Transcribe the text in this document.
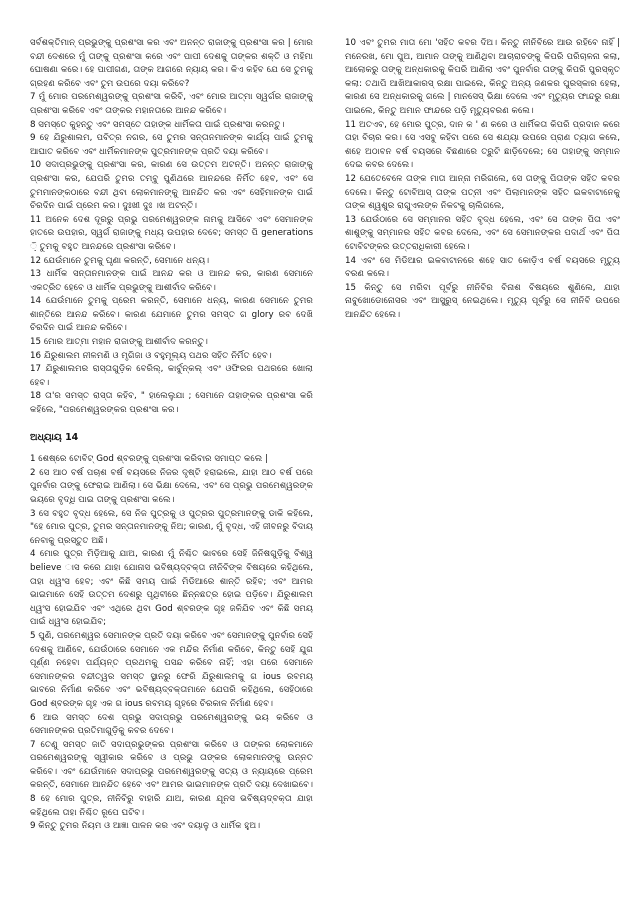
ସର୍ବଶକ୍ତିମାନ୍ ପ୍ରଭୁଙ୍କୁ ପ୍ରଶଂସା କର ଏବଂ ଅନନ୍ତ ରାଜାଙ୍କୁ ପ୍ରଶଂସା କର | ମୋର ବନ୍ଦୀ ଦେଶରେ ମୁଁ ତାଙ୍କୁ ପ୍ରଶଂସା କରେ ଏବଂ ପାପୀ ଦେଶକୁ ତାଙ୍କର ଶକ୍ତି ଓ ମହିମା ଘୋଷଣା କରେ। ହେ ପାପୀଗଣ, ତାଙ୍କ ଆଗରେ ନ୍ୟାୟ କର। କିଏ କହିବ ଯେ ସେ ତୁମକୁ ଗ୍ରହଣ କରିବେ ଏବଂ ତୁମ ଉପରେ ଦୟା କରିବେ?

7 ମୁଁ ମୋର ପରମେଶ୍ୱରଙ୍କୁ ପ୍ରଶଂସା କରିବି, ଏବଂ ମୋର ଆତ୍ମା ସ୍ୱର୍ଗର ରାଜାଙ୍କୁ ପ୍ରଶଂସା କରିବେ ଏବଂ ତାଙ୍କର ମହାନତାରେ ଆନନ୍ଦ କରିବେ।

8 ସମସ୍ତେ କୁହନ୍ତୁ ଏବଂ ସମସ୍ତେ ତାହାଙ୍କ ଧାର୍ମିକତା ପାଇଁ ପ୍ରଶଂସା କରନ୍ତୁ।

9 ହେ ଯିରୁଶାଲମ, ପବିତ୍ର ନଗର, ସେ ତୁମର ସନ୍ତାନମାନଙ୍କ କାର୍ଯ୍ୟ ପାଇଁ ତୁମକୁ ଆଘାତ କରିବେ ଏବଂ ଧାର୍ମିକମାନଙ୍କ ପୁତ୍ରମାନଙ୍କ ପ୍ରତି ଦୟା କରିବେ।

10 ସଦାପ୍ରଭୁଙ୍କୁ ପ୍ରଶଂସା କର, କାରଣ ସେ ଉତ୍ତମ ଅଟନ୍ତି। ଅନନ୍ତ ରାଜାଙ୍କୁ ପ୍ରଶଂସା କର, ଯେପରି ତୁମର ତମ୍ବୁ ପୁଣିଥରେ ଆନନ୍ଦରେ ନିର୍ମିତ ହେବ, ଏବଂ ସେ ତୁମମାନଙ୍କଠାରେ ବନ୍ଦୀ ଥିବା ଲୋକମାନଙ୍କୁ ଆନନ୍ଦିତ କର ଏବଂ ସେହିମାନଙ୍କ ପାଇଁ ଚିରଦିନ ପାଇଁ ପ୍ରେମ କର। ଦୁଃଖୀ ଦୁଃ ।ଖ ଅଟନ୍ତି।

11 ଅନେକ ଦେଶ ଦୂରରୁ ପ୍ରଭୁ ପରମେଶ୍ୱରଙ୍କ ନାମକୁ ଆସିବେ ଏବଂ ସେମାନଙ୍କ ହାତରେ ଉପହାର, ସ୍ୱର୍ଗ ରାଜାଙ୍କୁ ମଧ୍ୟ ଉପହାର ଦେବେ; ସମସ୍ତ ପି generations ଼ି ତୁମକୁ ବହୁତ ଆନନ୍ଦରେ ପ୍ରଶଂସା କରିବେ।

12 ଯେଉଁମାନେ ତୁମକୁ ଘୃଣା କରନ୍ତି, ସେମାନେ ଧନ୍ୟ।

13 ଧାର୍ମିକ ସନ୍ତାନମାନଙ୍କ ପାଇଁ ଆନନ୍ଦ କର ଓ ଆନନ୍ଦ କର, କାରଣ ସେମାନେ ଏକତ୍ରିତ ହେବେ ଓ ଧାର୍ମିକ ପ୍ରଭୁଙ୍କୁ ଆଶୀର୍ବାଦ କରିବେ।

14 ଯେଉଁମାନେ ତୁମକୁ ପ୍ରେମ କରନ୍ତି, ସେମାନେ ଧନ୍ୟ, କାରଣ ସେମାନେ ତୁମର ଶାନ୍ତିରେ ଆନନ୍ଦ କରିବେ। କାରଣ ଯେମାନେ ତୁମର ସମସ୍ତ ଗ glory ରବ ଦେଖି ଚିରଦିନ ପାଇଁ ଆନନ୍ଦ କରିବେ।

15 ମୋର ଆତ୍ମା ମହାନ ରାଜାଙ୍କୁ ଆଶୀର୍ବାଦ କରନ୍ତୁ।

16 ଯିରୁଶାଲମ ନୀଳମଣି ଓ ମୃଗିଜା ଓ ବହୁମୂଲ୍ୟ ପଥର ସହିତ ନିର୍ମିତ ହେବ।

17 ଯିରୁଶାଲମର ରାସ୍ତାଗୁଡ଼ିକ ବେରିଲ୍, କାର୍ବୁନ୍କଲ୍ ଏବଂ ଓଫିରର ପଥରରେ ଖୋଲା ହେବ।

18 ତା'ର ସମସ୍ତ ରାସ୍ତା କହିବ, " ହାଲେଲୁଯା ; ସେମାନେ ତାହାଙ୍କର ପ୍ରଶଂସା କରି କହିଲେ, "ପରମେଶ୍ୱରଙ୍କର ପ୍ରଶଂସା କର।

ଅଧ୍ୟାୟ 14

1 ଶେଷ୍ରେ ଟୋବିଟ୍ God ଶ୍ବରଙ୍କୁ ପ୍ରଶଂସା କରିବାର ସମାପ୍ତ କଲେ |

2 ସେ ଆଠ ବର୍ଷ ପଚାଶ ବର୍ଷ ବୟସରେ ନିଜର ଦୃଷ୍ଟି ହରାଇଲେ, ଯାହା ଆଠ ବର୍ଷ ପରେ ପୁନର୍ବାର ତାଙ୍କୁ ଫେରାଇ ଆଣିଲା। ସେ ଭିକ୍ଷା ଦେଲେ, ଏବଂ ସେ ପ୍ରଭୁ ପରମେଶ୍ୱରଙ୍କ ଭୟରେ ବୃଦ୍ଧି ପାଇ ତାଙ୍କୁ ପ୍ରଶଂସା କଲେ।

3 ସେ ବହୁତ ବୃଦ୍ଧ ହେଲେ, ସେ ନିଜ ପୁତ୍ରକୁ ଓ ପୁତ୍ରର ପୁତ୍ରମାନଙ୍କୁ ଡାକି କହିଲେ, "ହେ ମୋର ପୁତ୍ର, ତୁମର ସନ୍ତାନମାନଙ୍କୁ ନିଅ; କାରଣ, ମୁଁ ବୃଦ୍ଧ, ଏହି ଜୀବନରୁ ବିଦାୟ ନେବାକୁ ପ୍ରସ୍ତୁତ ଅଛି।

4 ମୋର ପୁତ୍ର ମିଡ଼ିଆକୁ ଯାଅ, କାରଣ ମୁଁ ନିଶ୍ଚିତ ଭାବରେ ସେହି ଜିନିଷଗୁଡ଼ିକୁ ବିଶ୍ୱ believe ାସ କରେ ଯାହା ଯୋନାସ ଭବିଷ୍ୟଦ୍ବକ୍ତା ନୀନିବିଙ୍କ ବିଷୟରେ କହିଥିଲେ, ତାହା ଧ୍ୱଂସ ହେବ; ଏବଂ କିଛି ସମୟ ପାଇଁ ମିଡିଆରେ ଶାନ୍ତି ରହିବ; ଏବଂ ଆମର ଭାଇମାନେ ସେହି ଉତ୍ତମ ଦେଶରୁ ପୃଥିବୀରେ ଛିନ୍ନଛତ୍ର ହୋଇ ପଡ଼ିବେ। ଯିରୁଶାଲମ ଧ୍ୱଂସ ହୋଇଯିବ ଏବଂ ଏଥିରେ ଥିବା God ଶ୍ବରଙ୍କ ଗୃହ ଜଳିଯିବ ଏବଂ କିଛି ସମୟ ପାଇଁ ଧ୍ୱଂସ ହୋଇଯିବ;

5 ପୁଣି, ପରମେଶ୍ୱର ସେମାନଙ୍କ ପ୍ରତି ଦୟା କରିବେ ଏବଂ ସେମାନଙ୍କୁ ପୁନର୍ବାର ସେହି ଦେଶକୁ ଆଣିବେ, ଯେଉଁଠାରେ ସେମାନେ ଏକ ମନ୍ଦିର ନିର୍ମାଣ କରିବେ, କିନ୍ତୁ ସେହି ଯୁଗ ପୂର୍ଣ୍ଣ ନହେବା ପର୍ଯ୍ୟନ୍ତ ପ୍ରଥମକୁ ପସନ୍ଦ କରିବେ ନାହିଁ; ଏହା ପରେ ସେମାନେ ସେମାନଙ୍କର ବନ୍ଦୀତ୍ୱର ସମସ୍ତ ସ୍ଥାନରୁ ଫେରି ଯିରୁଶାଲମକୁ ଗ ious ରବମୟ ଭାବରେ ନିର୍ମାଣ କରିବେ ଏବଂ ଭବିଷ୍ୟଦ୍‌ବକ୍ତାମାନେ ଯେପରି କହିଥିଲେ, ସେହିଠାରେ God ଶ୍ବରଙ୍କ ଗୃହ ଏକ ଗ ious ରବମୟ ଗୃହରେ ଚିରକାଳ ନିର୍ମାଣ ହେବ।

6 ଆଉ ସମସ୍ତ ଦେଶ ପ୍ରଭୁ ସଦାପ୍ରଭୁ ପରମେଶ୍ୱରଙ୍କୁ ଭୟ କରିବେ ଓ ସେମାନଙ୍କର ପ୍ରତିମାଗୁଡ଼ିକୁ କବର ଦେବେ।

7 ତେଣୁ ସମସ୍ତ ଜାତି ସଦାପ୍ରଭୁଙ୍କର ପ୍ରଶଂସା କରିବେ ଓ ତାଙ୍କର ଲୋକମାନେ ପରମେଶ୍ୱରଙ୍କୁ ସ୍ୱୀକାର କରିବେ ଓ ପ୍ରଭୁ ତାଙ୍କର ଲୋକମାନଙ୍କୁ ଉନ୍ନତ କରିବେ। ଏବଂ ଯେଉଁମାନେ ସଦାପ୍ରଭୁ ପରମେଶ୍ୱରଙ୍କୁ ସତ୍ୟ ଓ ନ୍ୟାୟରେ ପ୍ରେମ କରନ୍ତି, ସେମାନେ ଆନନ୍ଦିତ ହେବେ ଏବଂ ଆମର ଭାଇମାନଙ୍କ ପ୍ରତି ଦୟା ଦେଖାଇବେ।

8 ହେ ମୋର ପୁତ୍ର, ନୀନିବିରୁ ବାହାରି ଯାଅ, କାରଣ ଯୂନସ ଭବିଷ୍ୟଦ୍‌ବକ୍ତା ଯାହା କହିଥିଲେ ତାହା ନିଶ୍ଚିତ ରୂପେ ଘଟିବ।

9 କିନ୍ତୁ ତୁମର ନିୟମ ଓ ଆଜ୍ଞା ପାଳନ କର ଏବଂ ଦୟାଳୁ ଓ ଧାର୍ମିକ ହୁଅ।

10 ଏବଂ ତୁମର ମାତା ମୋ 'ସହିତ କବର ଦିଅ। କିନ୍ତୁ ନୀନିବିରେ ଆଉ ରହିବେ ନାହିଁ | ମନେରଖ, ମୋ ପୁଅ, ଆମାନ ତାଙ୍କୁ ଆଣିଥିବା ଆଚାରାଚଙ୍କୁ କିପରି ପରିଚାଳନା କଲା, ଆଲୋକରୁ ତାଙ୍କୁ ଅନ୍ଧକାରକୁ କିପରି ଆଣିଲା ଏବଂ ପୁନର୍ବାର ତାଙ୍କୁ କିପରି ପୁରସ୍କୃତ କଲା: ତଥାପି ଆଖିଆକାରସ୍ ରକ୍ଷା ପାଇଲେ, କିନ୍ତୁ ଅନ୍ୟ ଜଣକର ପୁରସ୍କାର ହେଲା, କାରଣ ସେ ଅନ୍ଧକାରକୁ ଗଲେ | ମାନସେସ୍ ଭିକ୍ଷା ଦେଲେ ଏବଂ ମୃତ୍ୟୁର ଫାନ୍ଦରୁ ରକ୍ଷା ପାଇଲେ, କିନ୍ତୁ ଅମାନ ଫାନ୍ଦରେ ପଡ଼ି ମୃତ୍ୟୁବରଣ କଲେ।

11 ଅତଏବ, ହେ ମୋର ପୁତ୍ର, ଦାନ କ ' ଣ କରେ ଓ ଧାର୍ମିକତା କିପରି ପ୍ରଦାନ କରେ ତାହା ବିଚାର କର। ସେ ଏସବୁ କହିବା ପରେ ସେ ଶଯ୍ୟା ଉପରେ ପ୍ରାଣ ତ୍ୟାଗ କଲେ, ଶହେ ଅଠାବନ ବର୍ଷ ବୟସରେ ବିଛଣାରେ ତ୍ରୁଟି ଛାଡ଼ିଦେଲେ; ସେ ତାହାଙ୍କୁ ସମ୍ମାନ ଦେଇ କବର ଦେଲେ।

12 ଯେତେବେଳେ ତାଙ୍କ ମାତା ଆନ୍ନା ମରିଗଲେ, ସେ ତାଙ୍କୁ ପିତାଙ୍କ ସହିତ କବର ଦେଲେ। କିନ୍ତୁ ଟୋବିଆସ୍ ତାଙ୍କ ପତ୍ନୀ ଏବଂ ପିଲାମାନଙ୍କ ସହିତ ଇକବାଟାନେକୁ ତାଙ୍କ ଶ୍ୱଶୁର ରାଗୁଏଲଙ୍କ ନିକଟକୁ ଚାଲିଗଲେ,

13 ଯେଉଁଠାରେ ସେ ସମ୍ମାନର ସହିତ ବୃଦ୍ଧ ହେଲେ, ଏବଂ ସେ ତାଙ୍କ ପିତା ଏବଂ ଶାଶୁଙ୍କୁ ସମ୍ମାନର ସହିତ କବର ଦେଲେ, ଏବଂ ସେ ସେମାନଙ୍କର ପଦାର୍ଥ ଏବଂ ପିତା ଟୋବିଟଙ୍କର ଉତ୍ତରାଧିକାରୀ ହେଲେ।

14 ଏବଂ ସେ ମିଡିଆର ଇକବାଟାନରେ ଶହେ ସାତ କୋଡ଼ିଏ ବର୍ଷ ବୟସରେ ମୃତ୍ୟୁ ବରଣ କଲେ।

15 କିନ୍ତୁ ସେ ମରିବା ପୂର୍ବରୁ ନୀନିବିର ବିନାଶ ବିଷୟରେ ଶୁଣିଲେ, ଯାହା ନାବୁଖୋଡୋନୋସର ଏବଂ ଆସୁରୁସ୍ ନେଇଥିଲେ। ମୃତ୍ୟୁ ପୂର୍ବରୁ ସେ ନୀନିବି ଉପରେ ଆନନ୍ଦିତ ହେଲେ।
